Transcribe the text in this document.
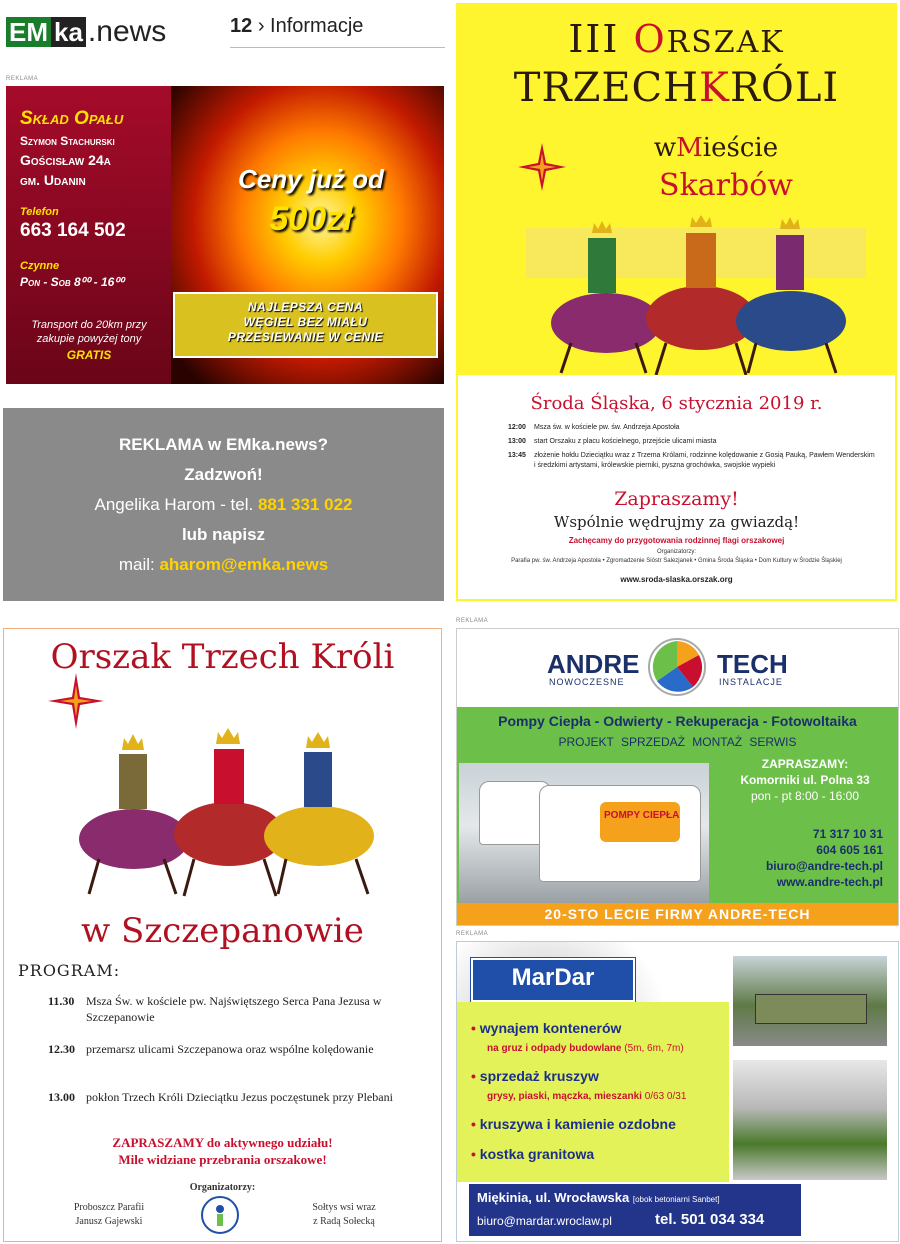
EM ka .news	12 › Informacje
REKLAMA
Skład Opału
Szymon Stachurski
Gościsław 24a
gm. Udanin
Telefon
663 164 502
Czynne
Pon - Sob 8⁰⁰ - 16⁰⁰
Transport do 20km przy zakupie powyżej tony
GRATIS
Ceny już od
500zł
NAJLEPSZA CENA
WĘGIEL BEZ MIAŁU
PRZESIEWANIE W CENIE
REKLAMA w EMka.news?
Zadzwoń!
Angelika Harom - tel. 881 331 022
lub napisz
mail: aharom@emka.news
III ORSZAK
TRZECHKRÓLI
wMieście
Skarbów
Środa Śląska, 6 stycznia 2019 r.
12:00	Msza św. w kościele pw. św. Andrzeja Apostoła
13:00	start Orszaku z placu kościelnego, przejście ulicami miasta
13:45	złożenie hołdu Dzieciątku wraz z Trzema Królami, rodzinne kolędowanie z Gosią Pauką, Pawłem Wenderskim i średzkimi artystami, królewskie pierniki, pyszna grochówka, swojskie wypieki
Zapraszamy!
Wspólnie wędrujmy za gwiazdą!
Zachęcamy do przygotowania rodzinnej flagi orszakowej
Organizatorzy:
Parafia pw. św. Andrzeja Apostoła • Zgromadzenie Sióstr Salezjanek • Gmina Środa Śląska • Dom Kultury w Środzie Śląskiej
www.sroda-slaska.orszak.org
Orszak Trzech Króli
w Szczepanowie
PROGRAM:
11.30 Msza Św. w kościele pw. Najświętszego Serca Pana Jezusa w Szczepanowie
12.30 przemarsz ulicami Szczepanowa oraz wspólne kolędowanie
13.00 pokłon Trzech Króli Dzieciątku Jezus poczęstunek przy Plebani
ZAPRASZAMY do aktywnego udziału!
Mile widziane przebrania orszakowe!
Organizatorzy:
Proboszcz Parafii
Janusz Gajewski
Sołtys wsi wraz
z Radą Sołecką
REKLAMA
ANDRE
NOWOCZESNE
TECH
INSTALACJE
Pompy Ciepła - Odwierty - Rekuperacja - Fotowoltaika
PROJEKT SPRZEDAŻ MONTAŻ SERWIS
ZAPRASZAMY:
Komorniki ul. Polna 33
pon - pt 8:00 - 16:00
71 317 10 31
604 605 161
biuro@andre-tech.pl
www.andre-tech.pl
POMPY CIEPŁA
20-STO LECIE FIRMY ANDRE-TECH
REKLAMA
MarDar
• wynajem kontenerów
na gruz i odpady budowlane (5m, 6m, 7m)
• sprzedaż kruszyw
grysy, piaski, mączka, mieszanki 0/63 0/31
• kruszywa i kamienie ozdobne
• kostka granitowa
Miękinia, ul. Wrocławska [obok betoniarni Sanbet]
biuro@mardar.wroclaw.pl	tel. 501 034 334
